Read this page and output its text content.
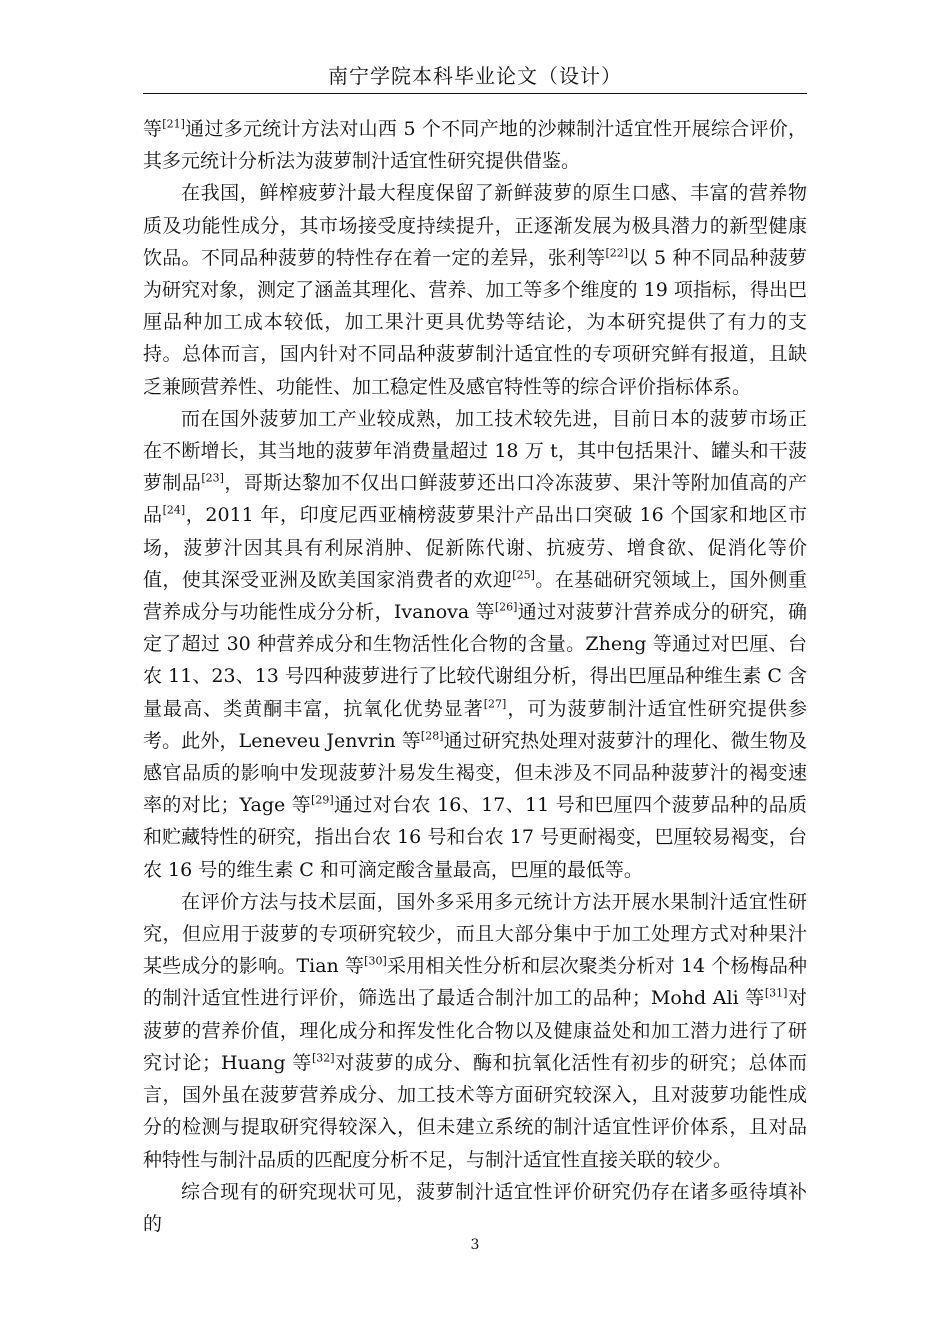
南宁学院本科毕业论文（设计）

等[21]通过多元统计方法对山西 5 个不同产地的沙棘制汁适宜性开展综合评价，其多元统计分析法为菠萝制汁适宜性研究提供借鉴。

在我国，鲜榨疲萝汁最大程度保留了新鲜菠萝的原生口感、丰富的营养物质及功能性成分，其市场接受度持续提升，正逐渐发展为极具潜力的新型健康饮品。不同品种菠萝的特性存在着一定的差异，张利等[22]以 5 种不同品种菠萝为研究对象，测定了涵盖其理化、营养、加工等多个维度的 19 项指标，得出巴厘品种加工成本较低，加工果汁更具优势等结论，为本研究提供了有力的支持。总体而言，国内针对不同品种菠萝制汁适宜性的专项研究鲜有报道，且缺乏兼顾营养性、功能性、加工稳定性及感官特性等的综合评价指标体系。

而在国外菠萝加工产业较成熟，加工技术较先进，目前日本的菠萝市场正在不断增长，其当地的菠萝年消费量超过 18 万 t，其中包括果汁、罐头和干菠萝制品[23]，哥斯达黎加不仅出口鲜菠萝还出口冷冻菠萝、果汁等附加值高的产品[24]，2011 年，印度尼西亚楠榜菠萝果汁产品出口突破 16 个国家和地区市场，菠萝汁因其具有利尿消肿、促新陈代谢、抗疲劳、增食欲、促消化等价值，使其深受亚洲及欧美国家消费者的欢迎[25]。在基础研究领域上，国外侧重营养成分与功能性成分分析，Ivanova 等[26]通过对菠萝汁营养成分的研究，确定了超过 30 种营养成分和生物活性化合物的含量。Zheng 等通过对巴厘、台农 11、23、13 号四种菠萝进行了比较代谢组分析，得出巴厘品种维生素 C 含量最高、类黄酮丰富，抗氧化优势显著[27]，可为菠萝制汁适宜性研究提供参考。此外，Leneveu Jenvrin 等[28]通过研究热处理对菠萝汁的理化、微生物及感官品质的影响中发现菠萝汁易发生褐变，但未涉及不同品种菠萝汁的褐变速率的对比；Yage 等[29]通过对台农 16、17、11 号和巴厘四个菠萝品种的品质和贮藏特性的研究，指出台农 16 号和台农 17 号更耐褐变，巴厘较易褐变，台农 16 号的维生素 C 和可滴定酸含量最高，巴厘的最低等。

在评价方法与技术层面，国外多采用多元统计方法开展水果制汁适宜性研究，但应用于菠萝的专项研究较少，而且大部分集中于加工处理方式对种果汁某些成分的影响。Tian 等[30]采用相关性分析和层次聚类分析对 14 个杨梅品种的制汁适宜性进行评价，筛选出了最适合制汁加工的品种；Mohd Ali 等[31]对菠萝的营养价值，理化成分和挥发性化合物以及健康益处和加工潜力进行了研究讨论；Huang 等[32]对菠萝的成分、酶和抗氧化活性有初步的研究；总体而言，国外虽在菠萝营养成分、加工技术等方面研究较深入，且对菠萝功能性成分的检测与提取研究得较深入，但未建立系统的制汁适宜性评价体系，且对品种特性与制汁品质的匹配度分析不足，与制汁适宜性直接关联的较少。

综合现有的研究现状可见，菠萝制汁适宜性评价研究仍存在诸多亟待填补的

3
